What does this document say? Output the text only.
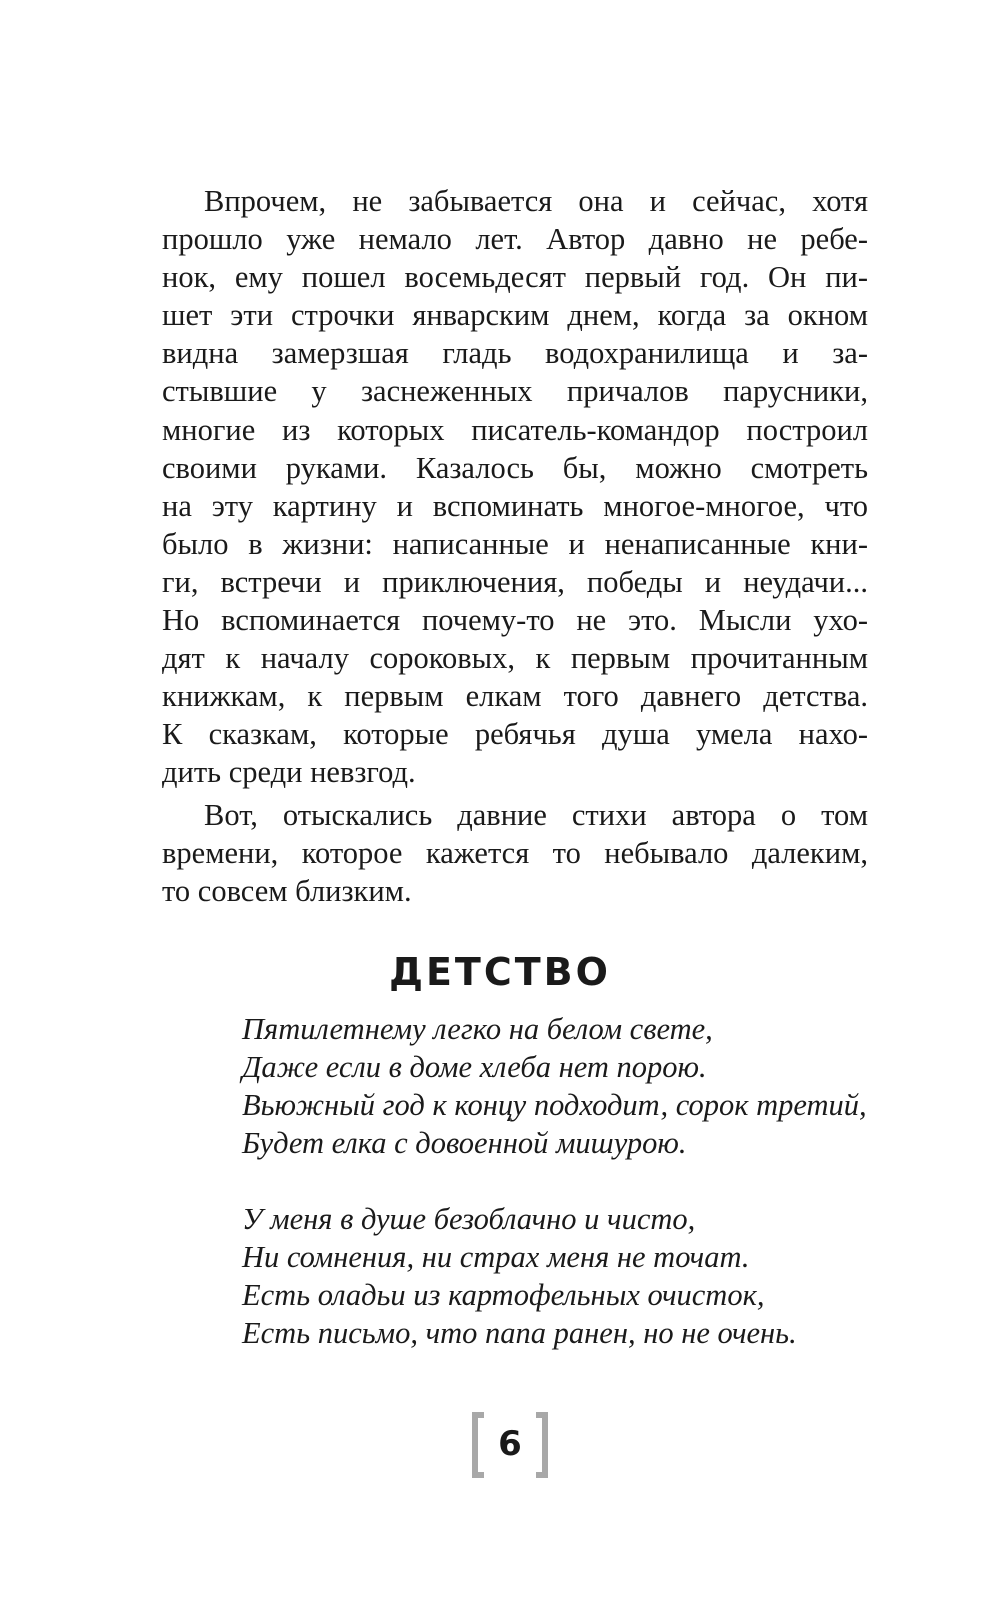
Впрочем, не забывается она и сейчас, хотя
прошло уже немало лет. Автор давно не ребе-
нок, ему пошел восемьдесят первый год. Он пи-
шет эти строчки январским днем, когда за окном
видна замерзшая гладь водохранилища и за-
стывшие у заснеженных причалов парусники,
многие из которых писатель-командор построил
своими руками. Казалось бы, можно смотреть
на эту картину и вспоминать многое-многое, что
было в жизни: написанные и ненаписанные кни-
ги, встречи и приключения, победы и неудачи...
Но вспоминается почему-то не это. Мысли ухо-
дят к началу сороковых, к первым прочитанным
книжкам, к первым елкам того давнего детства.
К сказкам, которые ребячья душа умела нахо-
дить среди невзгод.

Вот, отыскались давние стихи автора о том
времени, которое кажется то небывало далеким,
то совсем близким.

ДЕТСТВО

Пятилетнему легко на белом свете,
Даже если в доме хлеба нет порою.
Вьюжный год к концу подходит, сорок третий,
Будет елка с довоенной мишурою.

У меня в душе безоблачно и чисто,
Ни сомнения, ни страх меня не точат.
Есть оладьи из картофельных очисток,
Есть письмо, что папа ранен, но не очень.

6
